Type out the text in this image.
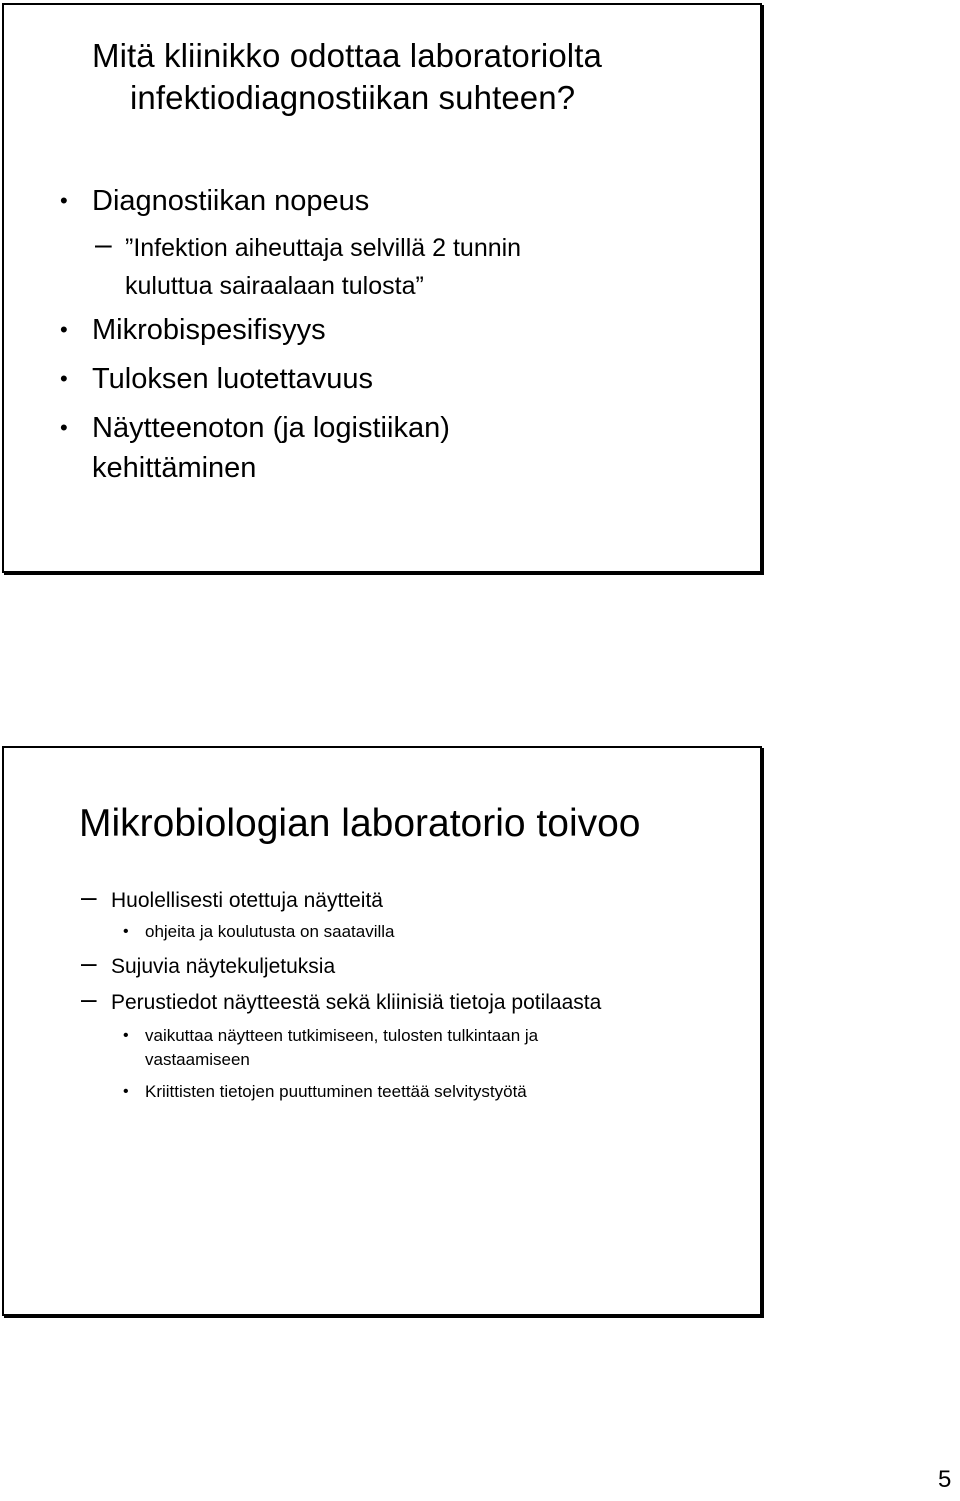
Mitä kliinikko odottaa laboratoriolta
infektiodiagnostiikan suhteen?
• Diagnostiikan nopeus
– ”Infektion aiheuttaja selvillä 2 tunnin
kuluttua sairaalaan tulosta”
• Mikrobispesifisyys
• Tuloksen luotettavuus
• Näytteenoton (ja logistiikan)
kehittäminen
Mikrobiologian laboratorio toivoo
– Huolellisesti otettuja näytteitä
• ohjeita ja koulutusta on saatavilla
– Sujuvia näytekuljetuksia
– Perustiedot näytteestä sekä kliinisiä tietoja potilaasta
• vaikuttaa näytteen tutkimiseen, tulosten tulkintaan ja
vastaamiseen
• Kriittisten tietojen puuttuminen teettää selvitystyötä
5
